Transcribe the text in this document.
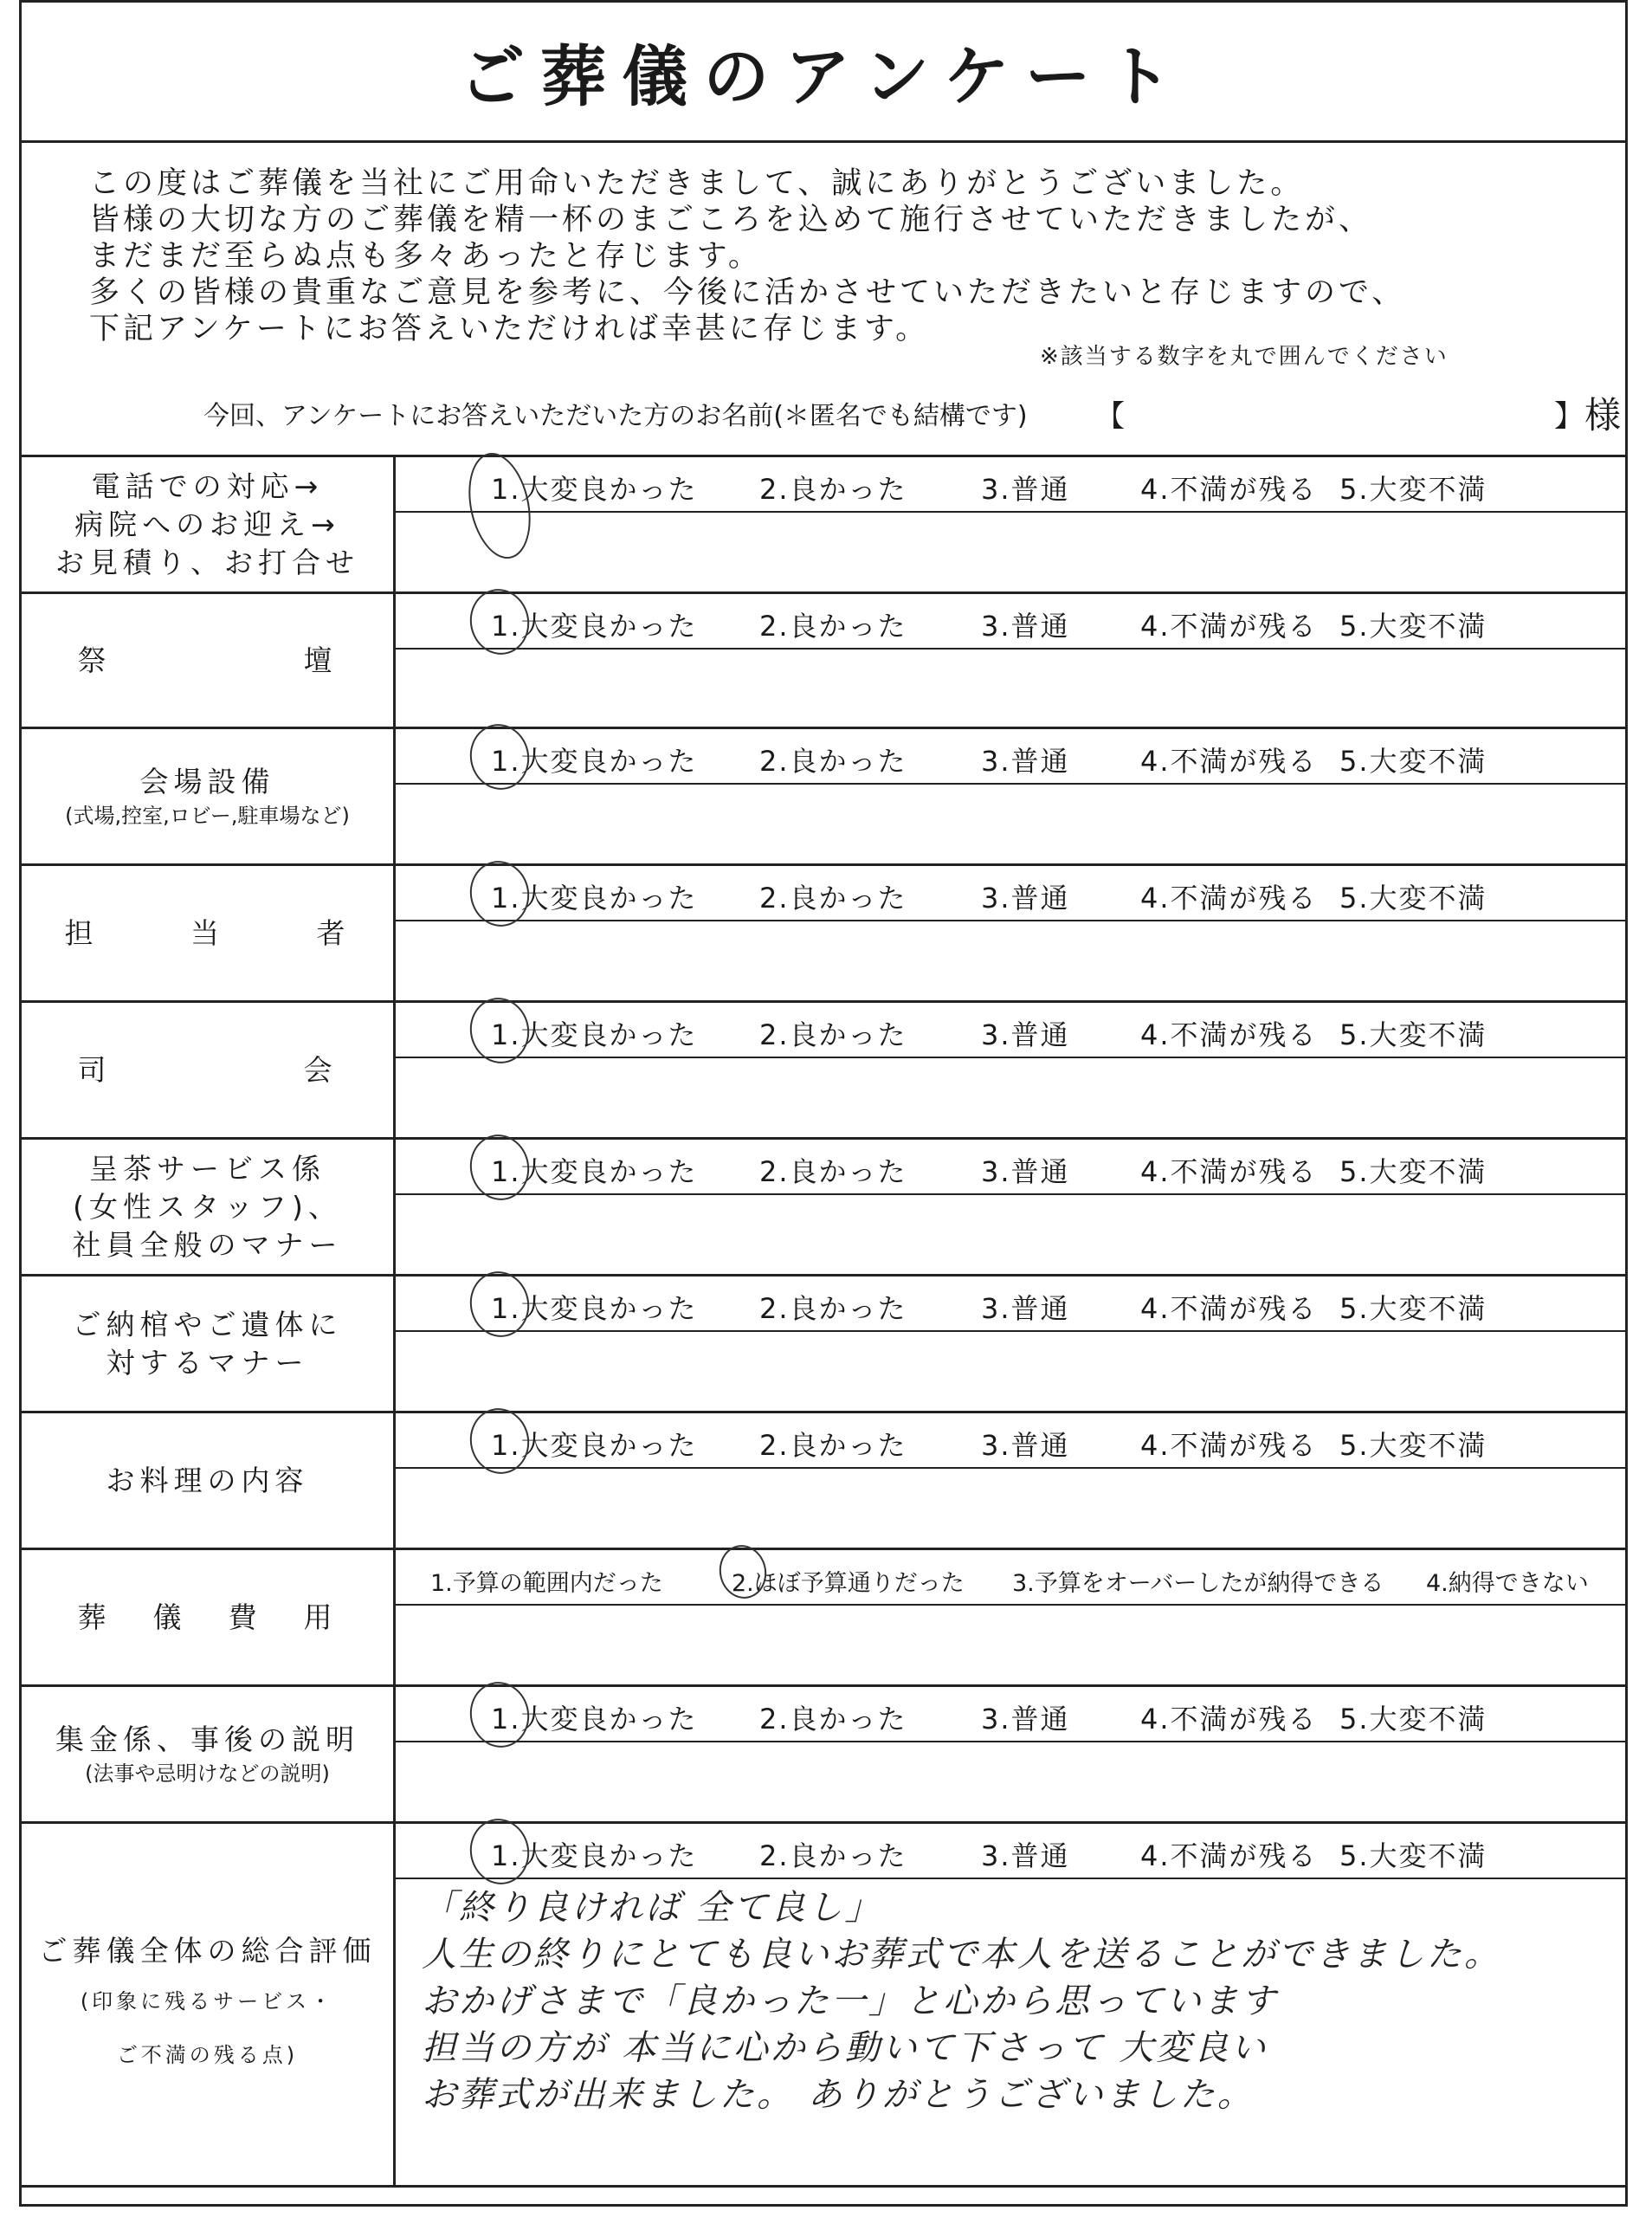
ご葬儀のアンケート
この度はご葬儀を当社にご用命いただきまして、誠にありがとうございました。
皆様の大切な方のご葬儀を精一杯のまごころを込めて施行させていただきましたが、
まだまだ至らぬ点も多々あったと存じます。
多くの皆様の貴重なご意見を参考に、今後に活かさせていただきたいと存じますので、
下記アンケートにお答えいただければ幸甚に存じます。
※該当する数字を丸で囲んでください
今回、アンケートにお答えいただいた方のお名前(＊匿名でも結構です) 【	】 様
電話での対応→
病院へのお迎え→
お見積り、お打合せ
1.大変良かった 2.良かった	3.普通	4.不満が残る 5.大変不満
祭	壇
1.大変良かった 2.良かった	3.普通	4.不満が残る 5.大変不満
会場設備
(式場,控室,ロビー,駐車場など)
1.大変良かった 2.良かった	3.普通	4.不満が残る 5.大変不満
担	当	者
1.大変良かった 2.良かった	3.普通	4.不満が残る 5.大変不満
司	会
1.大変良かった 2.良かった	3.普通	4.不満が残る 5.大変不満
呈茶サービス係
(女性スタッフ)、
社員全般のマナー
1.大変良かった 2.良かった	3.普通	4.不満が残る 5.大変不満
ご納棺やご遺体に
対するマナー
1.大変良かった 2.良かった	3.普通	4.不満が残る 5.大変不満
お料理の内容
1.大変良かった 2.良かった	3.普通	4.不満が残る 5.大変不満
葬 儀 費 用
1.予算の範囲内だった	2.ほぼ予算通りだった 3.予算をオーバーしたが納得できる 4.納得できない
集金係、事後の説明
(法事や忌明けなどの説明)
1.大変良かった 2.良かった	3.普通	4.不満が残る 5.大変不満
ご葬儀全体の総合評価
(印象に残るサービス・
ご不満の残る点)
1.大変良かった 2.良かった	3.普通	4.不満が残る 5.大変不満
「終り良ければ 全て良し」
人生の終りにとても良いお葬式で本人を送ることができました。
おかげさまで「良かった一」と心から思っています
担当の方が 本当に心から動いて下さって 大変良い
お葬式が出来ました。 ありがとうございました。
